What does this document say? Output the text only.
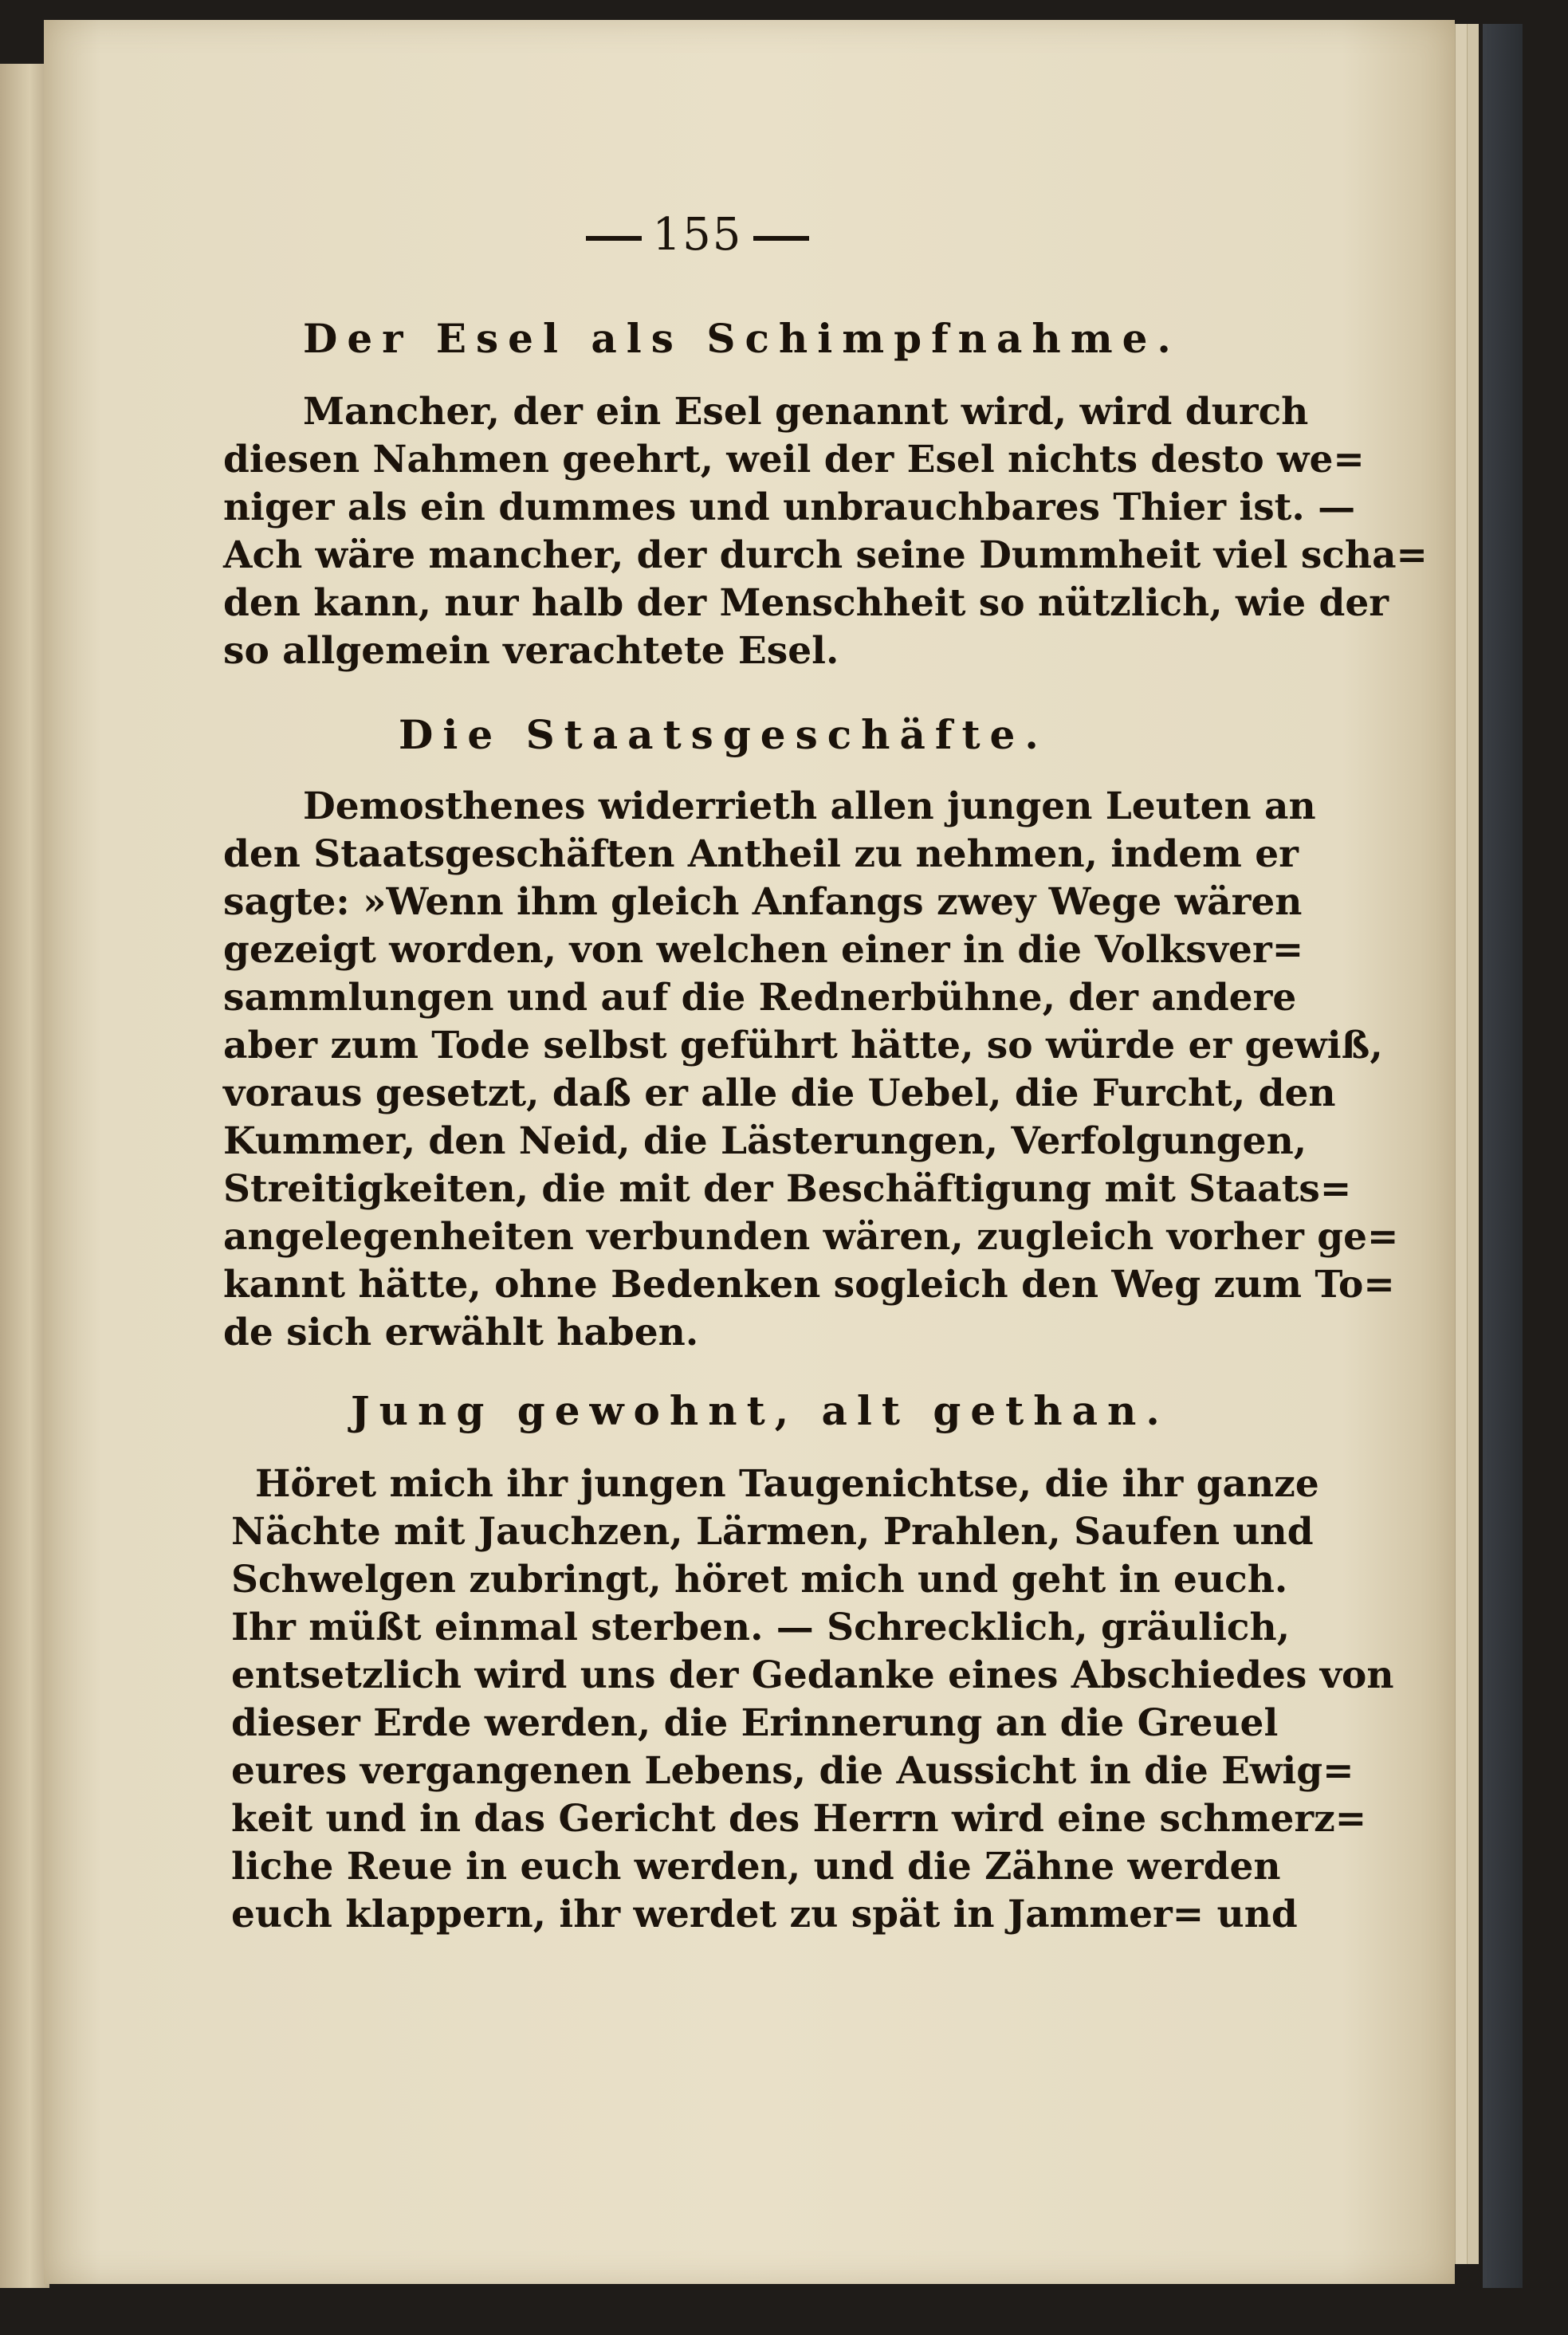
155
Der Esel als Schimpfnahme.
Mancher, der ein Esel genannt wird, wird durch
diesen Nahmen geehrt, weil der Esel nichts desto we=
niger als ein dummes und unbrauchbares Thier ist. —
Ach wäre mancher, der durch seine Dummheit viel scha=
den kann, nur halb der Menschheit so nützlich, wie der
so allgemein verachtete Esel.
Die Staatsgeschäfte.
Demosthenes widerrieth allen jungen Leuten an
den Staatsgeschäften Antheil zu nehmen, indem er
sagte: »Wenn ihm gleich Anfangs zwey Wege wären
gezeigt worden, von welchen einer in die Volksver=
sammlungen und auf die Rednerbühne, der andere
aber zum Tode selbst geführt hätte, so würde er gewiß,
voraus gesetzt, daß er alle die Uebel, die Furcht, den
Kummer, den Neid, die Lästerungen, Verfolgungen,
Streitigkeiten, die mit der Beschäftigung mit Staats=
angelegenheiten verbunden wären, zugleich vorher ge=
kannt hätte, ohne Bedenken sogleich den Weg zum To=
de sich erwählt haben.
Jung gewohnt, alt gethan.
Höret mich ihr jungen Taugenichtse, die ihr ganze
Nächte mit Jauchzen, Lärmen, Prahlen, Saufen und
Schwelgen zubringt, höret mich und geht in euch.
Ihr müßt einmal sterben. — Schrecklich, gräulich,
entsetzlich wird uns der Gedanke eines Abschiedes von
dieser Erde werden, die Erinnerung an die Greuel
eures vergangenen Lebens, die Aussicht in die Ewig=
keit und in das Gericht des Herrn wird eine schmerz=
liche Reue in euch werden, und die Zähne werden
euch klappern, ihr werdet zu spät in Jammer= und
